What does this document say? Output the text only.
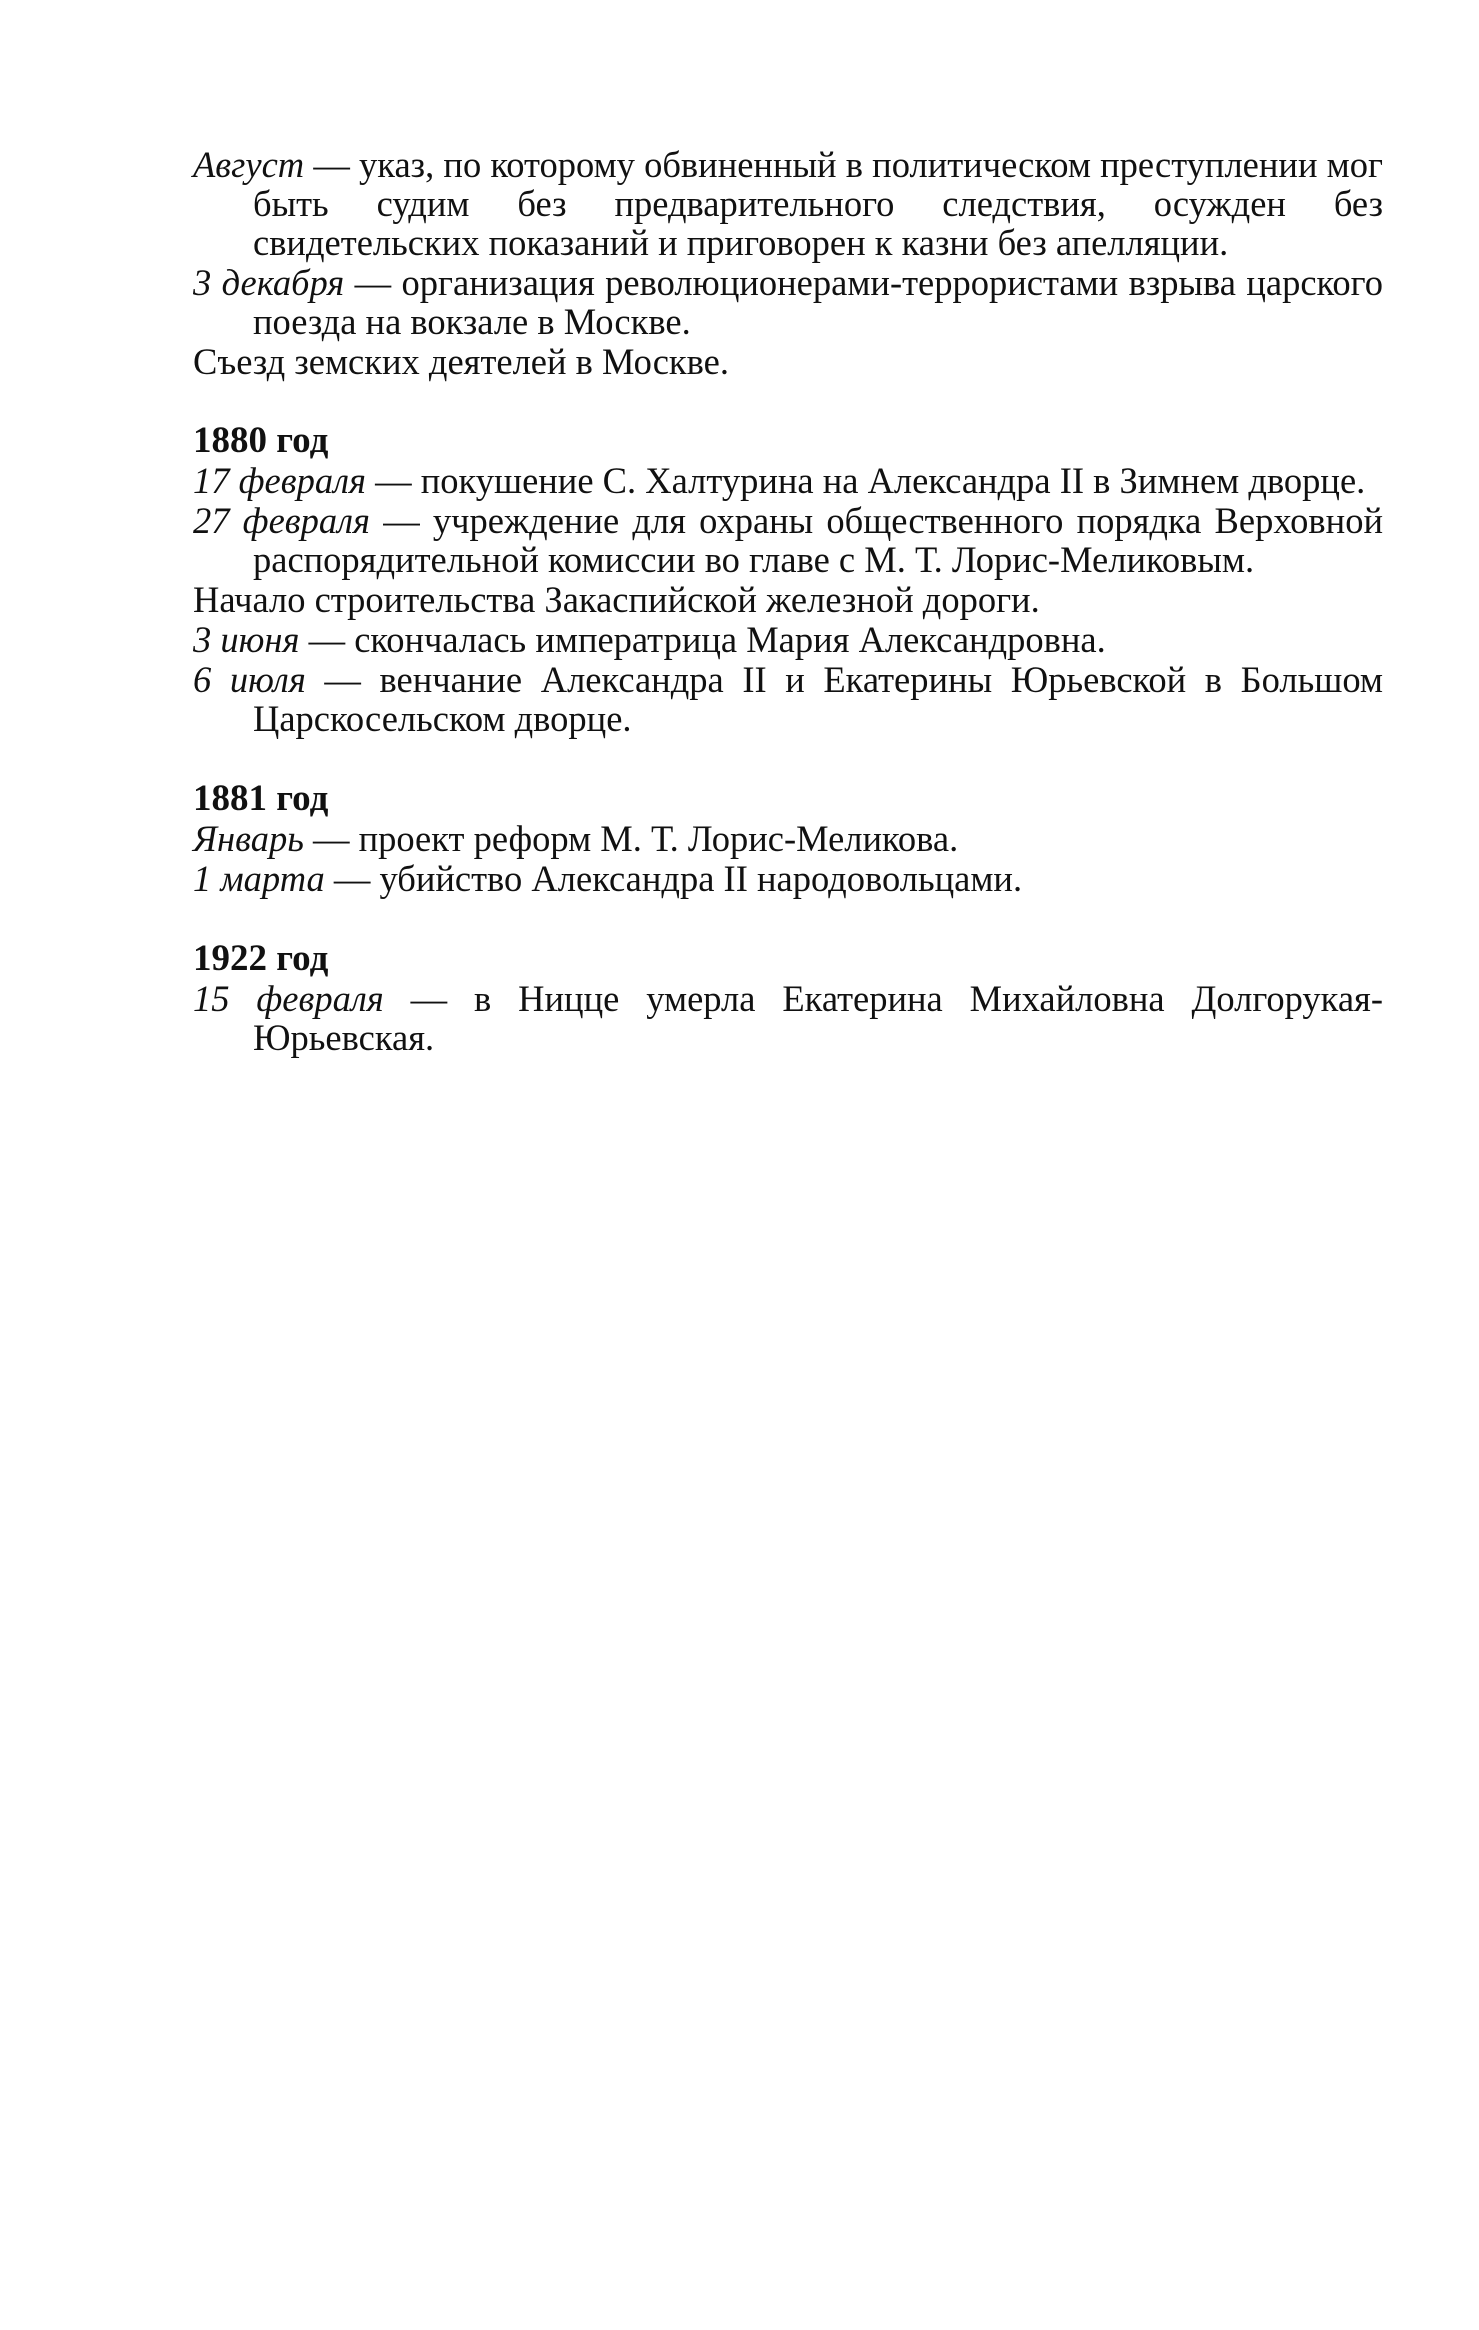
Август — указ, по которому обвиненный в политическом преступлении мог быть судим без предварительного следствия, осужден без свидетельских показаний и приговорен к казни без апелляции.

3 декабря — организация революционерами-террористами взрыва царского поезда на вокзале в Москве.

Съезд земских деятелей в Москве.

1880 год

17 февраля — покушение С. Халтурина на Александра II в Зимнем дворце.

27 февраля — учреждение для охраны общественного порядка Верховной распорядительной комиссии во главе с М. Т. Лорис-Меликовым.

Начало строительства Закаспийской железной дороги.

3 июня — скончалась императрица Мария Александровна.

6 июля — венчание Александра II и Екатерины Юрьевской в Большом Царскосельском дворце.

1881 год

Январь — проект реформ М. Т. Лорис-Меликова.

1 марта — убийство Александра II народовольцами.

1922 год

15 февраля — в Ницце умерла Екатерина Михайловна Долгорукая-Юрьевская.
